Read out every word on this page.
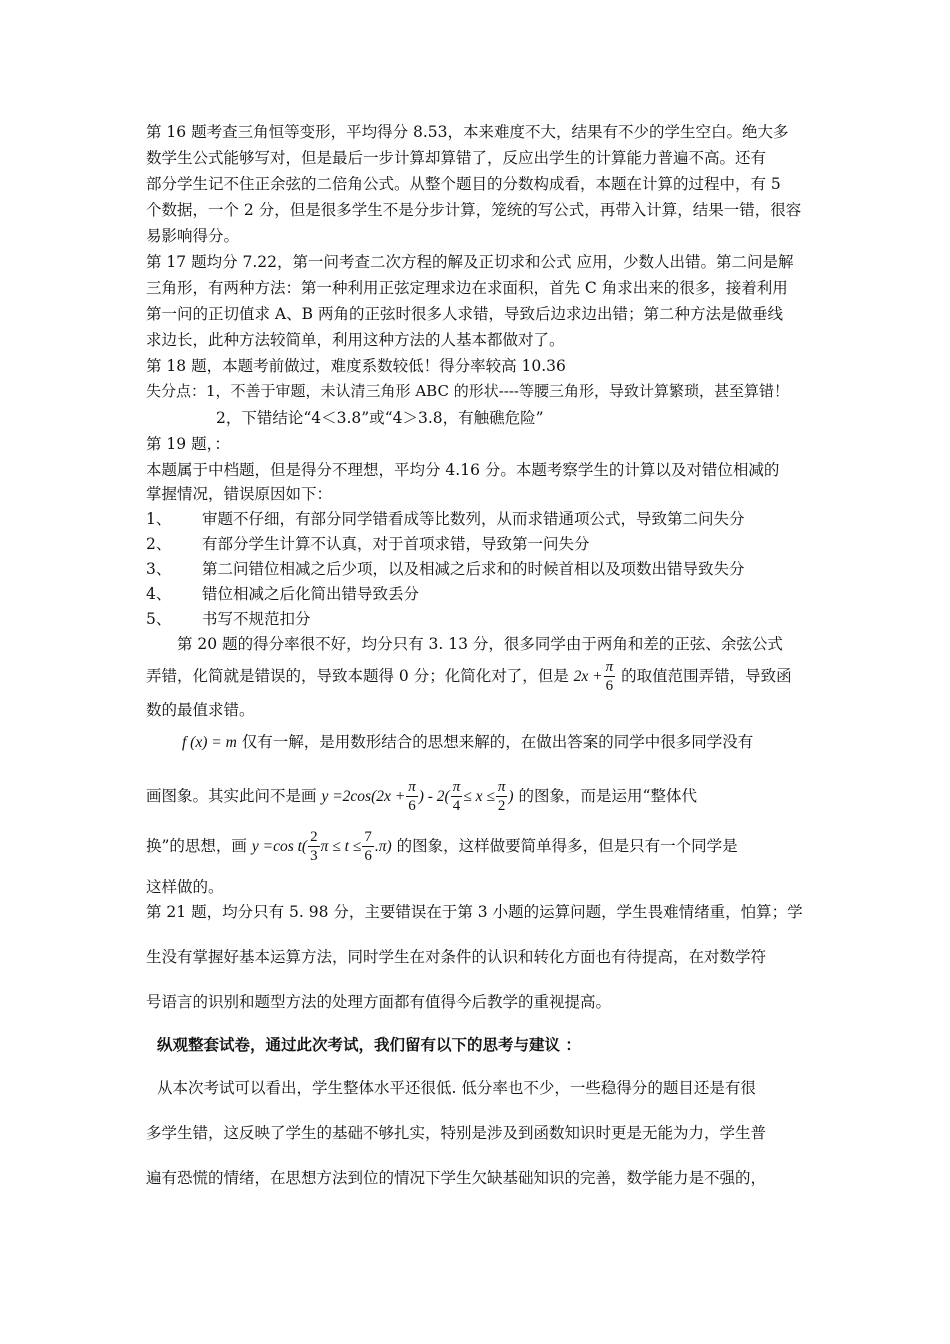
第 16 题考查三角恒等变形，平均得分 8.53，本来难度不大，结果有不少的学生空白。绝大多
数学生公式能够写对，但是最后一步计算却算错了，反应出学生的计算能力普遍不高。还有
部分学生记不住正余弦的二倍角公式。从整个题目的分数构成看，本题在计算的过程中，有 5
个数据，一个 2 分，但是很多学生不是分步计算，笼统的写公式，再带入计算，结果一错，很容
易影响得分。
第 17 题均分 7.22，第一问考查二次方程的解及正切求和公式 应用，少数人出错。第二问是解
三角形，有两种方法：第一种利用正弦定理求边在求面积，首先 C 角求出来的很多，接着利用
第一问的正切值求 A、B 两角的正弦时很多人求错，导致后边求边出错；第二种方法是做垂线
求边长，此种方法较简单，利用这种方法的人基本都做对了。
第 18 题，本题考前做过，难度系数较低！得分率较高 10.36
失分点：1，不善于审题，未认清三角形 ABC 的形状----等腰三角形，导致计算繁琐，甚至算错！
2，下错结论“4＜3.8”或“4＞3.8，有触礁危险”
第 19 题，：
本题属于中档题，但是得分不理想，平均分 4.16 分。本题考察学生的计算以及对错位相减的
掌握情况，错误原因如下：
1、 审题不仔细，有部分同学错看成等比数列，从而求错通项公式，导致第二问失分
2、 有部分学生计算不认真，对于首项求错，导致第一问失分
3、 第二问错位相减之后少项，以及相减之后求和的时候首相以及项数出错导致失分
4、 错位相减之后化简出错导致丢分
5、 书写不规范扣分
第 20 题的得分率很不好，均分只有 3. 13 分，很多同学由于两角和差的正弦、余弦公式
弄错，化简就是错误的，导致本题得 0 分；化简化对了，但是 $2x + \frac{\pi}{6}$ 的取值范围弄错，导致函
数的最值求错。
f (x) = m 仅有一解，是用数形结合的思想来解的，在做出答案的同学中很多同学没有
画图象。其实此问不是画 $y =2\cos(2x + \frac{\pi}{6}$ ) - $2( \frac{\pi}{4} \le x \le \frac{\pi}{2}$ ) 的图象，而是运用“整体代
换”的思想，画 y =cos $t( \frac{2}{3}$ $\pi \le t \le \frac{7}{6} .\pi$) 的图象，这样做要简单得多，但是只有一个同学是
这样做的。
第 21 题，均分只有 5. 98 分，主要错误在于第 3 小题的运算问题，学生畏难情绪重，怕算；学
生没有掌握好基本运算方法，同时学生在对条件的认识和转化方面也有待提高，在对数学符
号语言的识别和题型方法的处理方面都有值得今后教学的重视提高。
纵观整套试卷，通过此次考试，我们留有以下的思考与建议 ：
从本次考试可以看出，学生整体水平还很低. 低分率也不少，一些稳得分的题目还是有很
多学生错，这反映了学生的基础不够扎实，特别是涉及到函数知识时更是无能为力，学生普
遍有恐慌的情绪，在思想方法到位的情况下学生欠缺基础知识的完善，数学能力是不强的，
